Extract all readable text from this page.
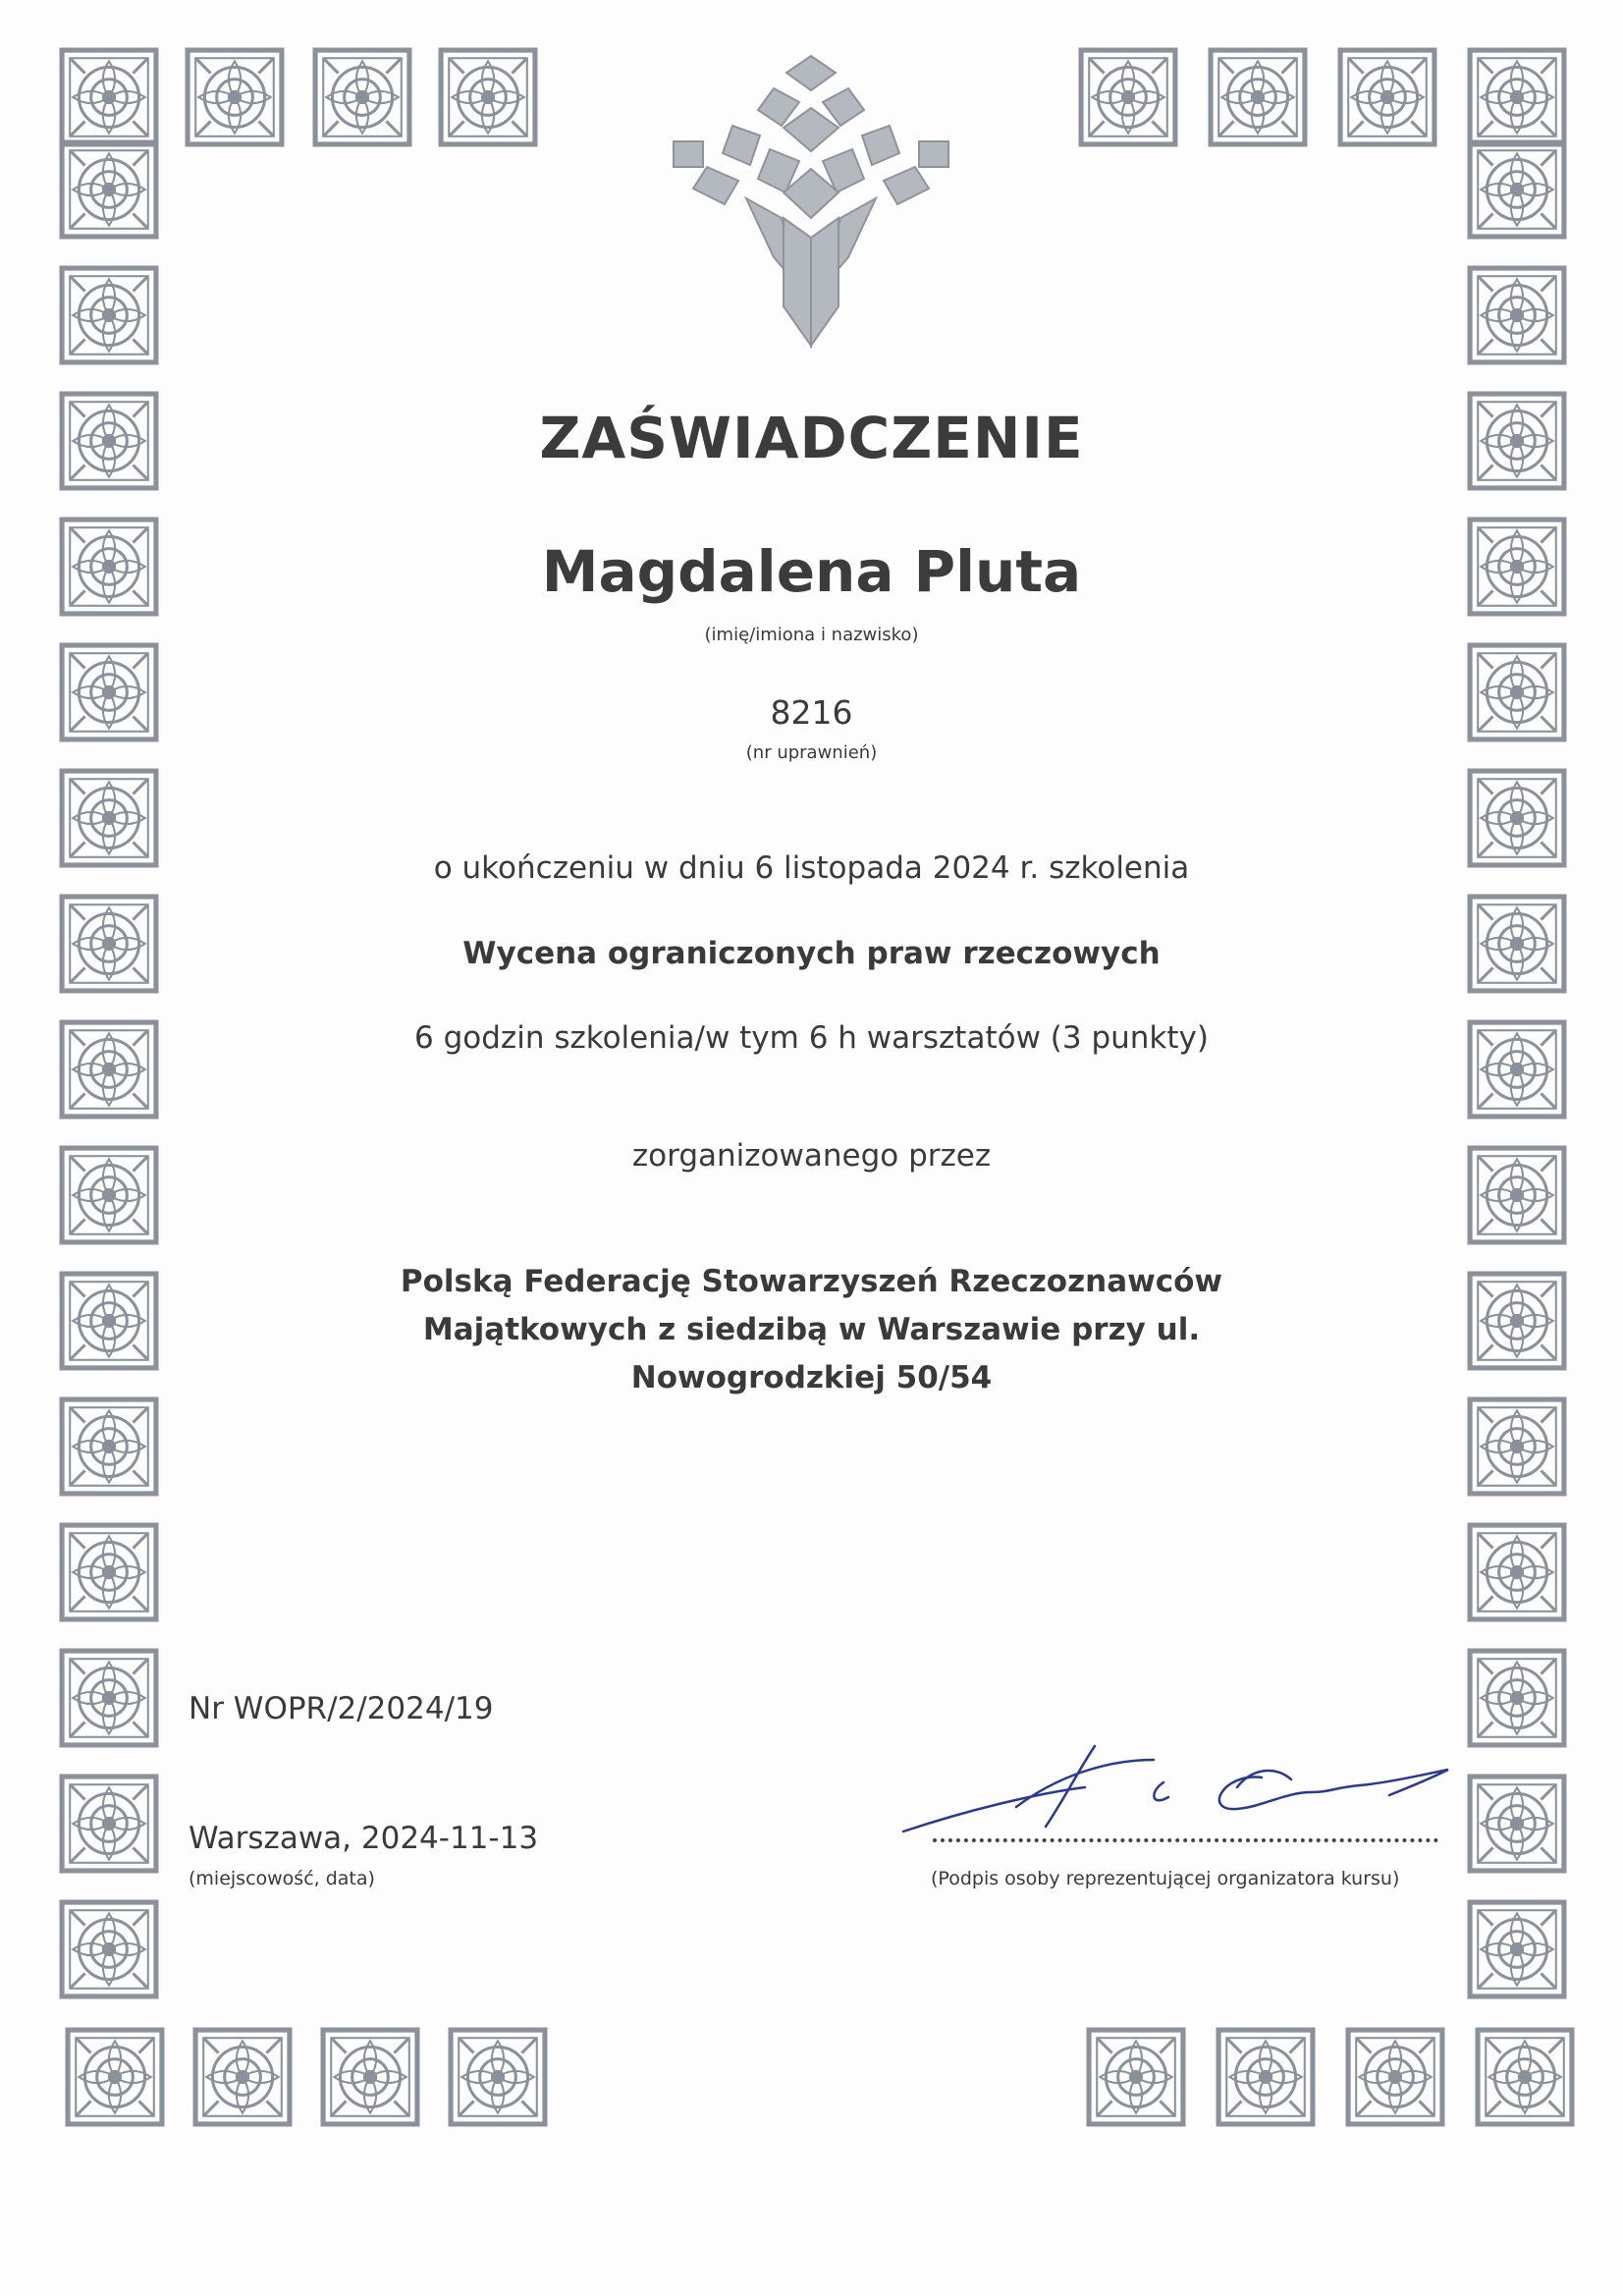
ZAŚWIADCZENIE
Magdalena Pluta
(imię/imiona i nazwisko)
8216
(nr uprawnień)
o ukończeniu w dniu 6 listopada 2024 r. szkolenia
Wycena ograniczonych praw rzeczowych
6 godzin szkolenia/w tym 6 h warsztatów (3 punkty)
zorganizowanego przez
Polską Federację Stowarzyszeń Rzeczoznawców
Majątkowych z siedzibą w Warszawie przy ul.
Nowogrodzkiej 50/54
Nr WOPR/2/2024/19
Warszawa, 2024-11-13
(miejscowość, data)	(Podpis osoby reprezentującej organizatora kursu)
